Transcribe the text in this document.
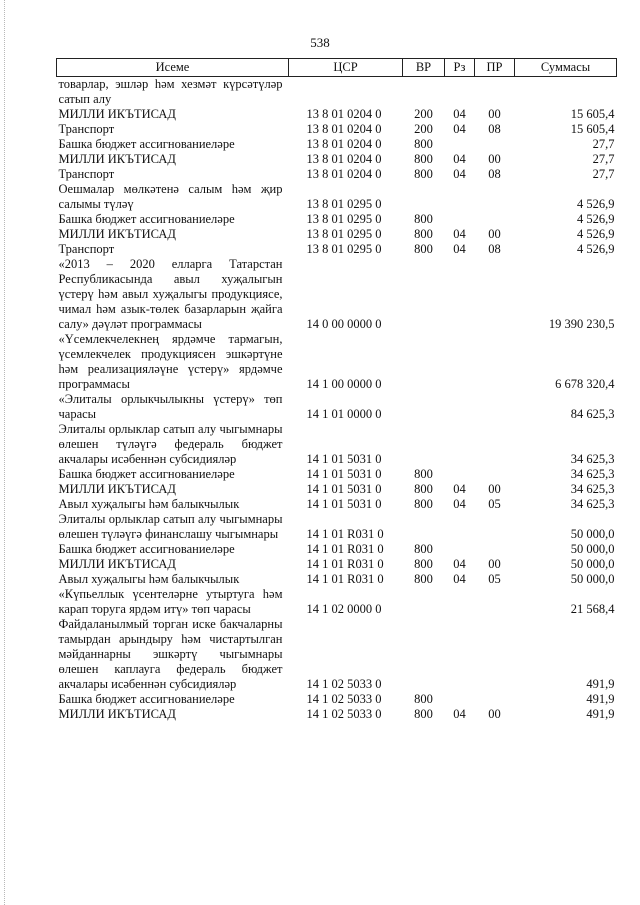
538
Исеме	ЦСР	ВР	Рз	ПР	Суммасы
товарлар, эшләр һәм хезмәт күрсәтүләр сатып алу					
МИЛЛИ ИКЪТИСАД	13 8 01 0204 0	200	04	00	15 605,4
Транспорт	13 8 01 0204 0	200	04	08	15 605,4
Башка бюджет ассигнованиеләре	13 8 01 0204 0	800			27,7
МИЛЛИ ИКЪТИСАД	13 8 01 0204 0	800	04	00	27,7
Транспорт	13 8 01 0204 0	800	04	08	27,7
Оешмалар мөлкәтенә салым һәм җир салымы түләү	13 8 01 0295 0				4 526,9
Башка бюджет ассигнованиеләре	13 8 01 0295 0	800			4 526,9
МИЛЛИ ИКЪТИСАД	13 8 01 0295 0	800	04	00	4 526,9
Транспорт	13 8 01 0295 0	800	04	08	4 526,9
«2013 – 2020 елларга Татарстан Республикасында авыл хуҗалыгын үстерү һәм авыл хуҗалыгы продукциясе, чимал һәм азык-төлек базарларын җайга салу» дәүләт программасы	14 0 00 0000 0				19 390 230,5
«Үсемлекчелекнең ярдәмче тармагын, үсемлекчелек продукциясен эшкәртүне һәм реализацияләүне үстерү» ярдәмче программасы	14 1 00 0000 0				6 678 320,4
«Элиталы орлыкчылыкны үстерү» төп чарасы	14 1 01 0000 0				84 625,3
Элиталы орлыклар сатып алу чыгымнары өлешен түләүгә федераль бюджет акчалары исәбеннән субсидияләр	14 1 01 5031 0				34 625,3
Башка бюджет ассигнованиеләре	14 1 01 5031 0	800			34 625,3
МИЛЛИ ИКЪТИСАД	14 1 01 5031 0	800	04	00	34 625,3
Авыл хуҗалыгы һәм балыкчылык	14 1 01 5031 0	800	04	05	34 625,3
Элиталы орлыклар сатып алу чыгымнары өлешен түләүгә финанслашу чыгымнары	14 1 01 R031 0				50 000,0
Башка бюджет ассигнованиеләре	14 1 01 R031 0	800			50 000,0
МИЛЛИ ИКЪТИСАД	14 1 01 R031 0	800	04	00	50 000,0
Авыл хуҗалыгы һәм балыкчылык	14 1 01 R031 0	800	04	05	50 000,0
«Күпьеллык үсентеләрне утыртуга һәм карап торуга ярдәм итү» төп чарасы	14 1 02 0000 0				21 568,4
Файдаланылмый торган иске бакчаларны тамырдан арындыру һәм чистартылган мәйданнарны эшкәртү чыгымнары өлешен каплауга федераль бюджет акчалары исәбеннән субсидияләр	14 1 02 5033 0				491,9
Башка бюджет ассигнованиеләре	14 1 02 5033 0	800			491,9
МИЛЛИ ИКЪТИСАД	14 1 02 5033 0	800	04	00	491,9
